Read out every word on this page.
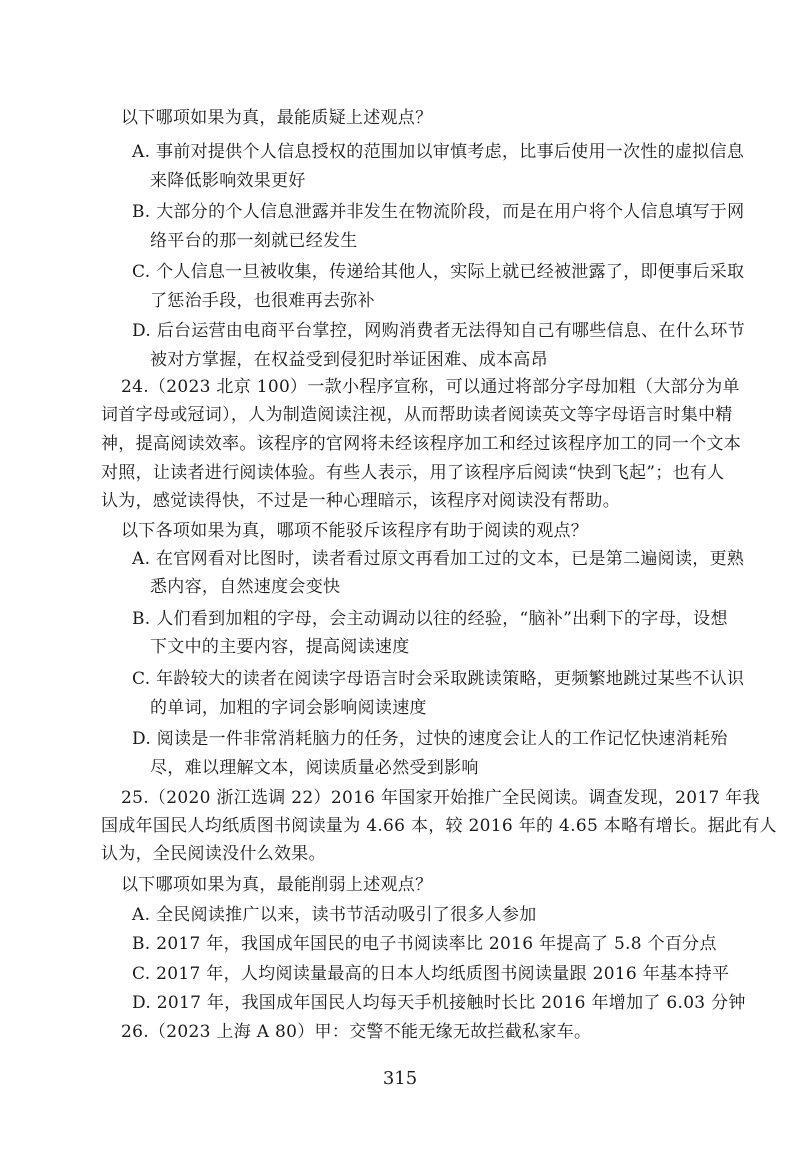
以下哪项如果为真，最能质疑上述观点？

A. 事前对提供个人信息授权的范围加以审慎考虑，比事后使用一次性的虚拟信息

来降低影响效果更好

B. 大部分的个人信息泄露并非发生在物流阶段，而是在用户将个人信息填写于网

络平台的那一刻就已经发生

C. 个人信息一旦被收集，传递给其他人，实际上就已经被泄露了，即便事后采取

了惩治手段，也很难再去弥补

D. 后台运营由电商平台掌控，网购消费者无法得知自己有哪些信息、在什么环节

被对方掌握，在权益受到侵犯时举证困难、成本高昂

24.（2023 北京 100）一款小程序宣称，可以通过将部分字母加粗（大部分为单

词首字母或冠词），人为制造阅读注视，从而帮助读者阅读英文等字母语言时集中精

神，提高阅读效率。该程序的官网将未经该程序加工和经过该程序加工的同一个文本

对照，让读者进行阅读体验。有些人表示，用了该程序后阅读“快到飞起”；也有人

认为，感觉读得快，不过是一种心理暗示，该程序对阅读没有帮助。

以下各项如果为真，哪项不能驳斥该程序有助于阅读的观点？

A. 在官网看对比图时，读者看过原文再看加工过的文本，已是第二遍阅读，更熟

悉内容，自然速度会变快

B. 人们看到加粗的字母，会主动调动以往的经验，“脑补”出剩下的字母，设想

下文中的主要内容，提高阅读速度

C. 年龄较大的读者在阅读字母语言时会采取跳读策略，更频繁地跳过某些不认识

的单词，加粗的字词会影响阅读速度

D. 阅读是一件非常消耗脑力的任务，过快的速度会让人的工作记忆快速消耗殆

尽，难以理解文本，阅读质量必然受到影响

25.（2020 浙江选调 22）2016 年国家开始推广全民阅读。调查发现，2017 年我

国成年国民人均纸质图书阅读量为 4.66 本，较 2016 年的 4.65 本略有增长。据此有人

认为，全民阅读没什么效果。

以下哪项如果为真，最能削弱上述观点？

A. 全民阅读推广以来，读书节活动吸引了很多人参加

B. 2017 年，我国成年国民的电子书阅读率比 2016 年提高了 5.8 个百分点

C. 2017 年，人均阅读量最高的日本人均纸质图书阅读量跟 2016 年基本持平

D. 2017 年，我国成年国民人均每天手机接触时长比 2016 年增加了 6.03 分钟

26.（2023 上海 A 80）甲：交警不能无缘无故拦截私家车。

315
